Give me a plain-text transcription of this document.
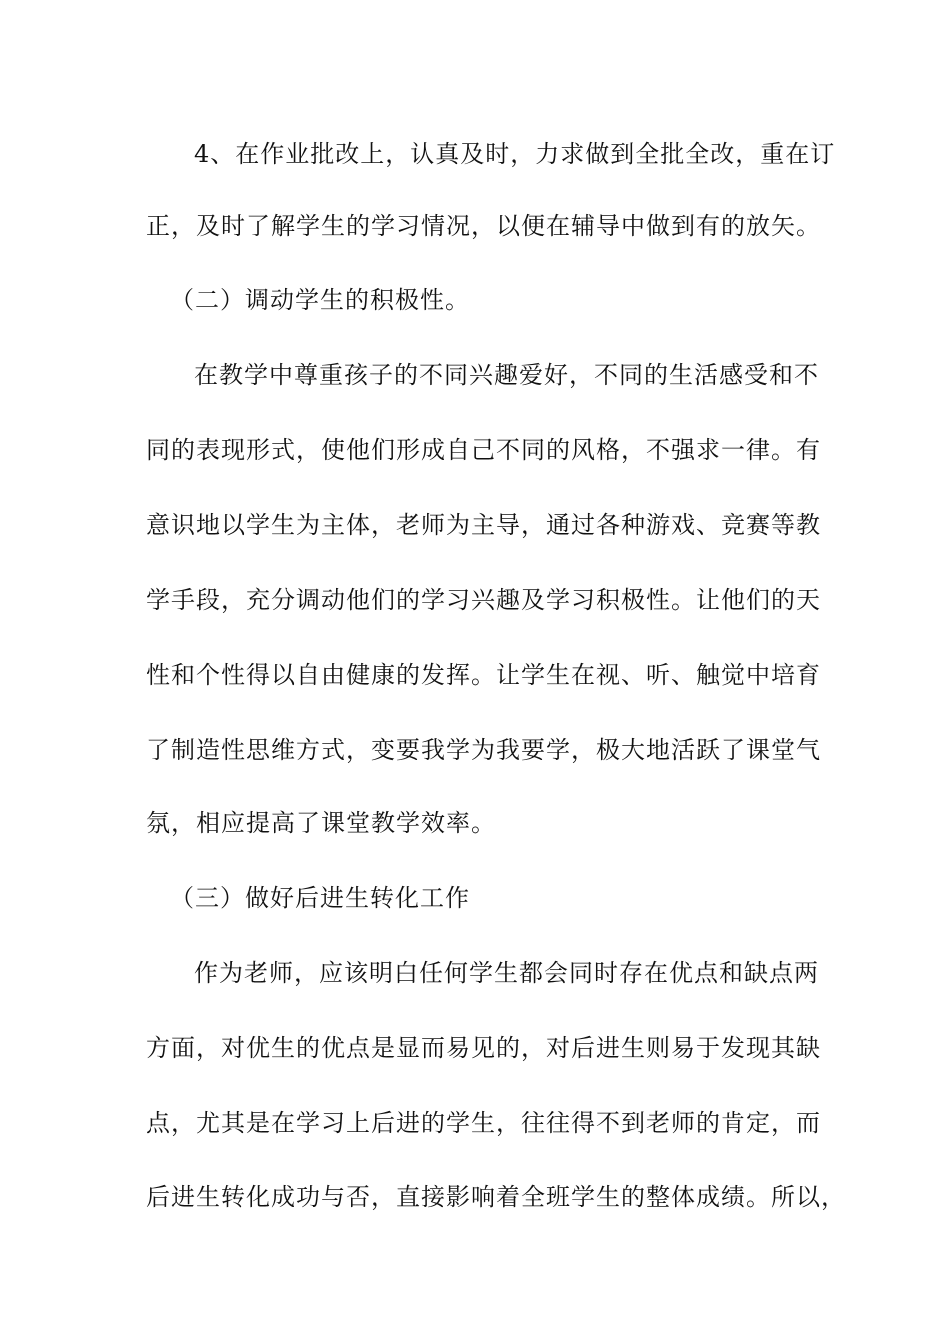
4、在作业批改上，认真及时，力求做到全批全改，重在订
正，及时了解学生的学习情况，以便在辅导中做到有的放矢。
（二）调动学生的积极性。
在教学中尊重孩子的不同兴趣爱好，不同的生活感受和不
同的表现形式，使他们形成自己不同的风格，不强求一律。有
意识地以学生为主体，老师为主导，通过各种游戏、竞赛等教
学手段，充分调动他们的学习兴趣及学习积极性。让他们的天
性和个性得以自由健康的发挥。让学生在视、听、触觉中培育
了制造性思维方式，变要我学为我要学，极大地活跃了课堂气
氛，相应提高了课堂教学效率。
（三）做好后进生转化工作
作为老师，应该明白任何学生都会同时存在优点和缺点两
方面，对优生的优点是显而易见的，对后进生则易于发现其缺
点，尤其是在学习上后进的学生，往往得不到老师的肯定，而
后进生转化成功与否，直接影响着全班学生的整体成绩。所以，
